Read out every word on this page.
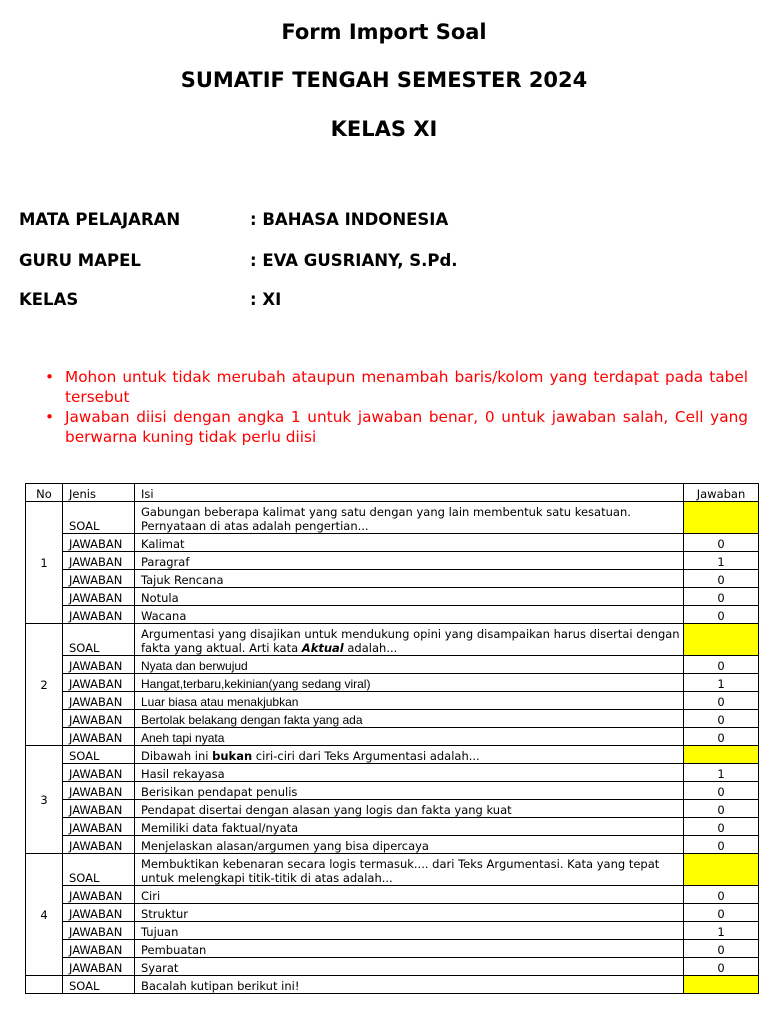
Form Import Soal
SUMATIF TENGAH SEMESTER 2024
KELAS XI
MATA PELAJARAN	: BAHASA INDONESIA
GURU MAPEL	: EVA GUSRIANY, S.Pd.
KELAS	: XI
• Mohon untuk tidak merubah ataupun menambah baris/kolom yang terdapat pada tabel tersebut
• Jawaban diisi dengan angka 1 untuk jawaban benar, 0 untuk jawaban salah, Cell yang berwarna kuning tidak perlu diisi
No	Jenis	Isi	Jawaban
1	SOAL	Gabungan beberapa kalimat yang satu dengan yang lain membentuk satu kesatuan.
Pernyataan di atas adalah pengertian...	
	JAWABAN	Kalimat	0
	JAWABAN	Paragraf	1
	JAWABAN	Tajuk Rencana	0
	JAWABAN	Notula	0
	JAWABAN	Wacana	0
2	SOAL	Argumentasi yang disajikan untuk mendukung opini yang disampaikan harus disertai dengan
fakta yang aktual. Arti kata Aktual adalah...	
	JAWABAN	Nyata dan berwujud	0
	JAWABAN	Hangat,terbaru,kekinian(yang sedang viral)	1
	JAWABAN	Luar biasa atau menakjubkan	0
	JAWABAN	Bertolak belakang dengan fakta yang ada	0
	JAWABAN	Aneh tapi nyata	0
3	SOAL	Dibawah ini bukan ciri-ciri dari Teks Argumentasi adalah...	
	JAWABAN	Hasil rekayasa	1
	JAWABAN	Berisikan pendapat penulis	0
	JAWABAN	Pendapat disertai dengan alasan yang logis dan fakta yang kuat	0
	JAWABAN	Memiliki data faktual/nyata	0
	JAWABAN	Menjelaskan alasan/argumen yang bisa dipercaya	0
4	SOAL	Membuktikan kebenaran secara logis termasuk.... dari Teks Argumentasi. Kata yang tepat
untuk melengkapi titik-titik di atas adalah...	
	JAWABAN	Ciri	0
	JAWABAN	Struktur	0
	JAWABAN	Tujuan	1
	JAWABAN	Pembuatan	0
	JAWABAN	Syarat	0
	SOAL	Bacalah kutipan berikut ini!	
